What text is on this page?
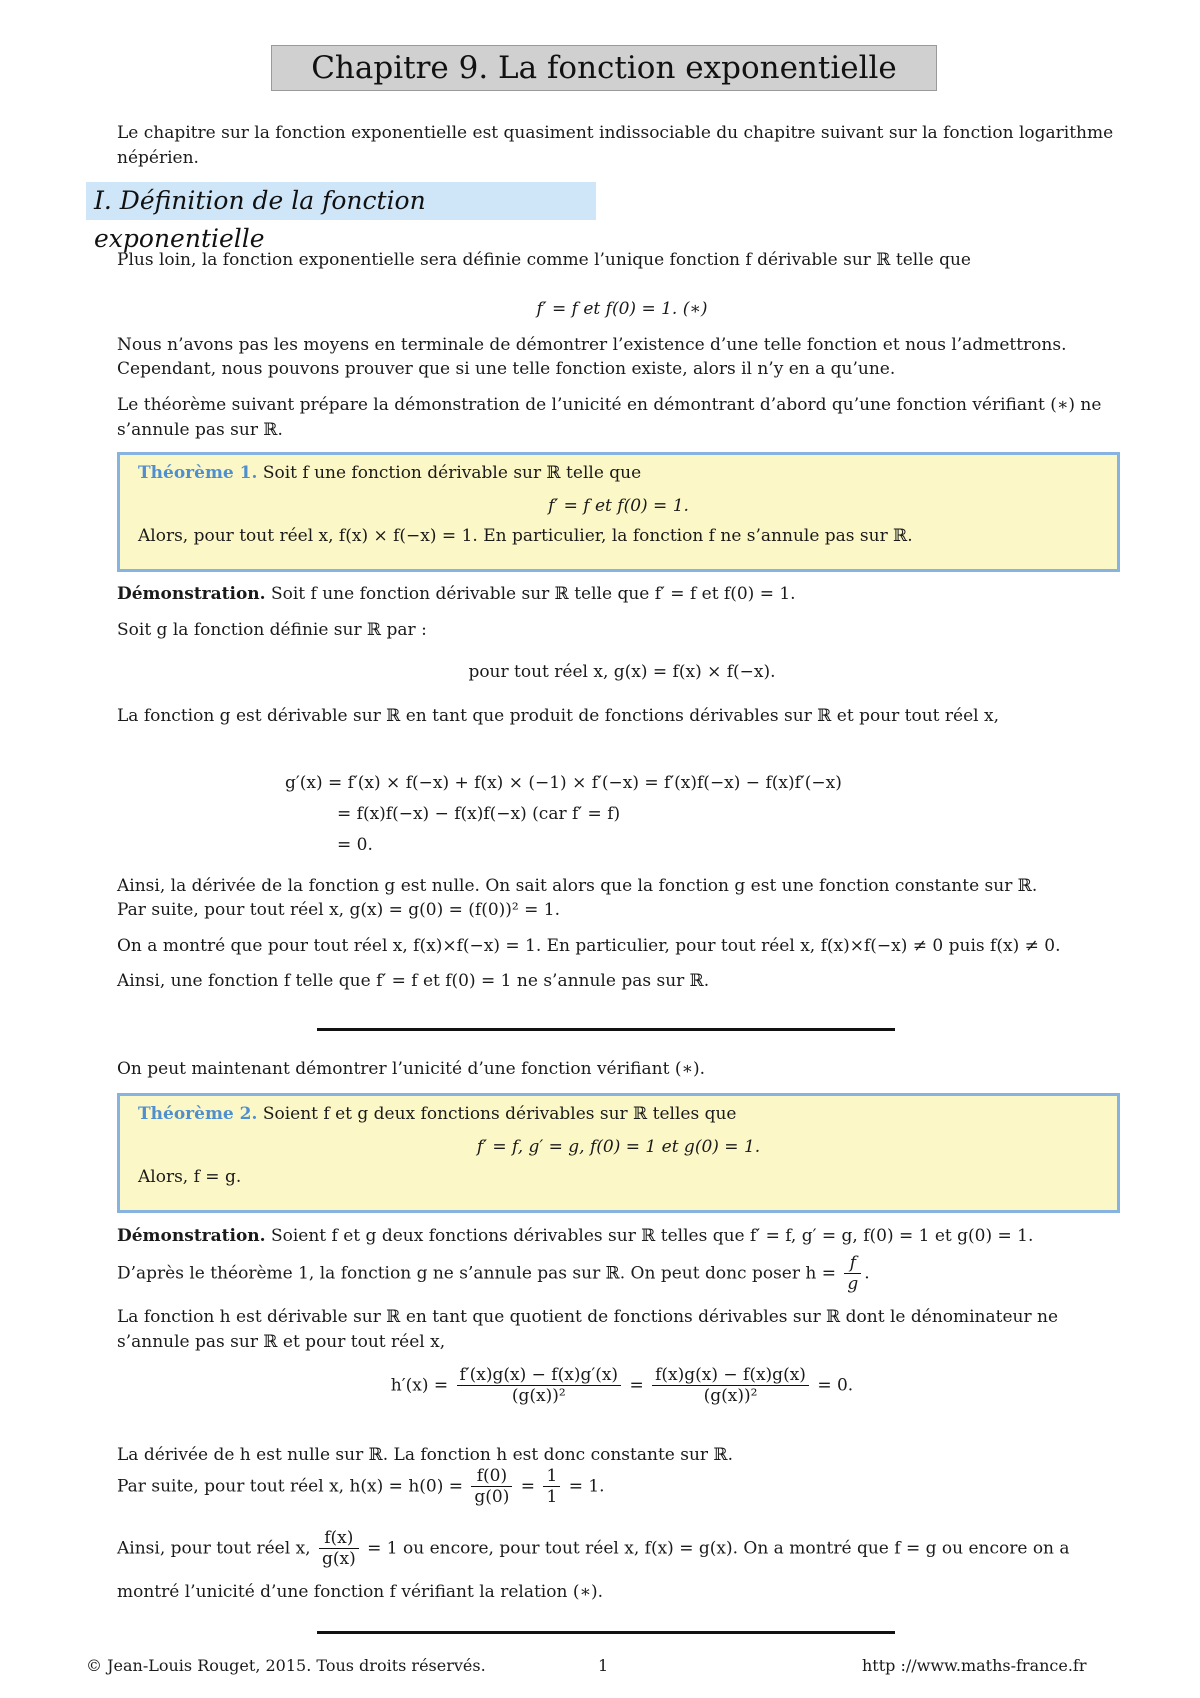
Chapitre 9. La fonction exponentielle

Le chapitre sur la fonction exponentielle est quasiment indissociable du chapitre suivant sur la fonction logarithme népérien.

I. Définition de la fonction exponentielle

Plus loin, la fonction exponentielle sera définie comme l’unique fonction f dérivable sur ℝ telle que

f′ = f et f(0) = 1. (∗)

Nous n’avons pas les moyens en terminale de démontrer l’existence d’une telle fonction et nous l’admettrons.

Cependant, nous pouvons prouver que si une telle fonction existe, alors il n’y en a qu’une.

Le théorème suivant prépare la démonstration de l’unicité en démontrant d’abord qu’une fonction vérifiant (∗) ne s’annule pas sur ℝ.

Théorème 1. Soit f une fonction dérivable sur ℝ telle que

f′ = f et f(0) = 1.

Alors, pour tout réel x, f(x) × f(−x) = 1. En particulier, la fonction f ne s’annule pas sur ℝ.

Démonstration. Soit f une fonction dérivable sur ℝ telle que f′ = f et f(0) = 1.

Soit g la fonction définie sur ℝ par :

pour tout réel x, g(x) = f(x) × f(−x).

La fonction g est dérivable sur ℝ en tant que produit de fonctions dérivables sur ℝ et pour tout réel x,

g′(x) = f′(x) × f(−x) + f(x) × (−1) × f′(−x) = f′(x)f(−x) − f(x)f′(−x)

= f(x)f(−x) − f(x)f(−x) (car f′ = f)

= 0.

Ainsi, la dérivée de la fonction g est nulle. On sait alors que la fonction g est une fonction constante sur ℝ.

Par suite, pour tout réel x, g(x) = g(0) = (f(0))² = 1.

On a montré que pour tout réel x, f(x)×f(−x) = 1. En particulier, pour tout réel x, f(x)×f(−x) ≠ 0 puis f(x) ≠ 0.

Ainsi, une fonction f telle que f′ = f et f(0) = 1 ne s’annule pas sur ℝ.

On peut maintenant démontrer l’unicité d’une fonction vérifiant (∗).

Théorème 2. Soient f et g deux fonctions dérivables sur ℝ telles que

f′ = f, g′ = g, f(0) = 1 et g(0) = 1.

Alors, f = g.

Démonstration. Soient f et g deux fonctions dérivables sur ℝ telles que f′ = f, g′ = g, f(0) = 1 et g(0) = 1.

D’après le théorème 1, la fonction g ne s’annule pas sur ℝ. On peut donc poser $h = \frac{f}{g}$ .

La fonction h est dérivable sur ℝ en tant que quotient de fonctions dérivables sur ℝ dont le dénominateur ne s’annule pas sur ℝ et pour tout réel x,

$h'(x) = \frac{f'(x)g(x) - f(x)g'(x)}{\text{(g(x))²}} = \frac{f(x)g(x) - f(x)g(x)}{\text{(g(x))²}} = 0$.

La dérivée de h est nulle sur ℝ. La fonction h est donc constante sur ℝ.

Par suite, pour tout réel x, $h(x) = h(0) = \frac{f(0)}{g(0)} = \frac{1}{1} = 1$.

Ainsi, pour tout réel x, $\frac{f(x)}{g(x)} = 1$ ou encore, pour tout réel x, f(x) = g(x). On a montré que f = g ou encore on a

montré l’unicité d’une fonction f vérifiant la relation (∗).

© Jean-Louis Rouget, 2015. Tous droits réservés.	1	http ://www.maths-france.fr
